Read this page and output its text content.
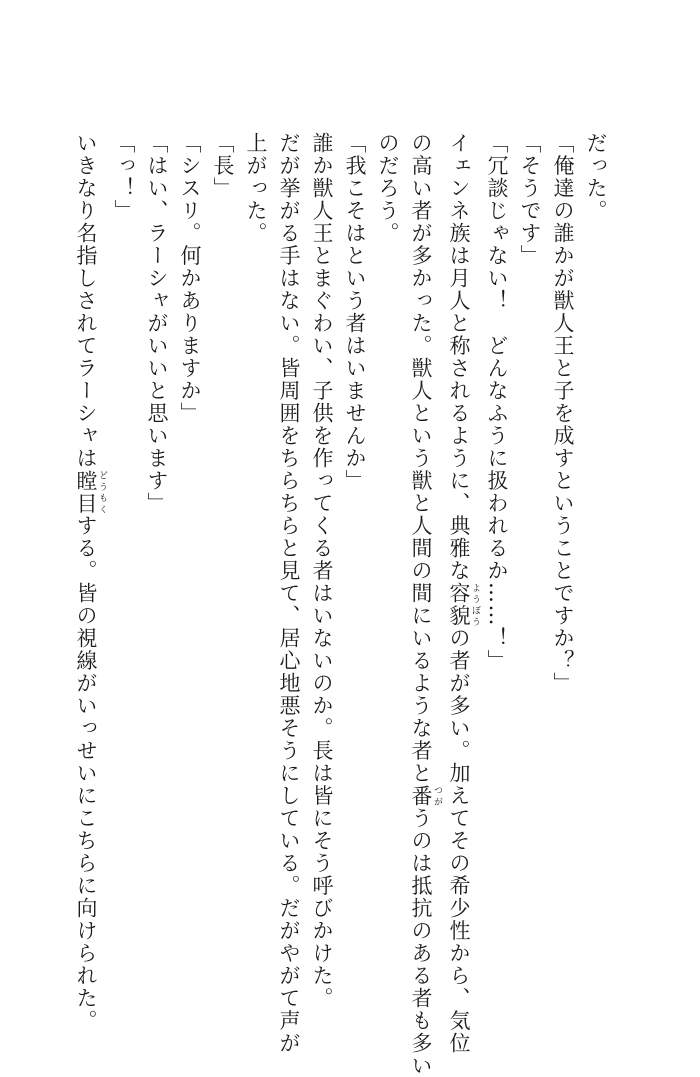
だった。
「俺達の誰かが獣人王と子を成すということですか？」
「そうです」
「冗談じゃない！　どんなふうに扱われるか……！」
イェンネ族は月人と称されるように、典雅な容貌 ようぼうの者が多い。加えてその希少性から、気位
の高い者が多かった。獣人という獣と人間の間にいるような者と番 つがうのは抵抗のある者も多い
のだろう。
「我こそはという者はいませんか」
誰か獣人王とまぐわい、子供を作ってくる者はいないのか。長は皆にそう呼びかけた。
だが挙がる手はない。皆周囲をちらちらと見て、居心地悪そうにしている。だがやがて声が
上がった。
「長」
「シスリ。何かありますか」
「はい、ラーシャがいいと思います」
「っ！」
いきなり名指しされてラーシャは瞠目 どうもくする。皆の視線がいっせいにこちらに向けられた。
